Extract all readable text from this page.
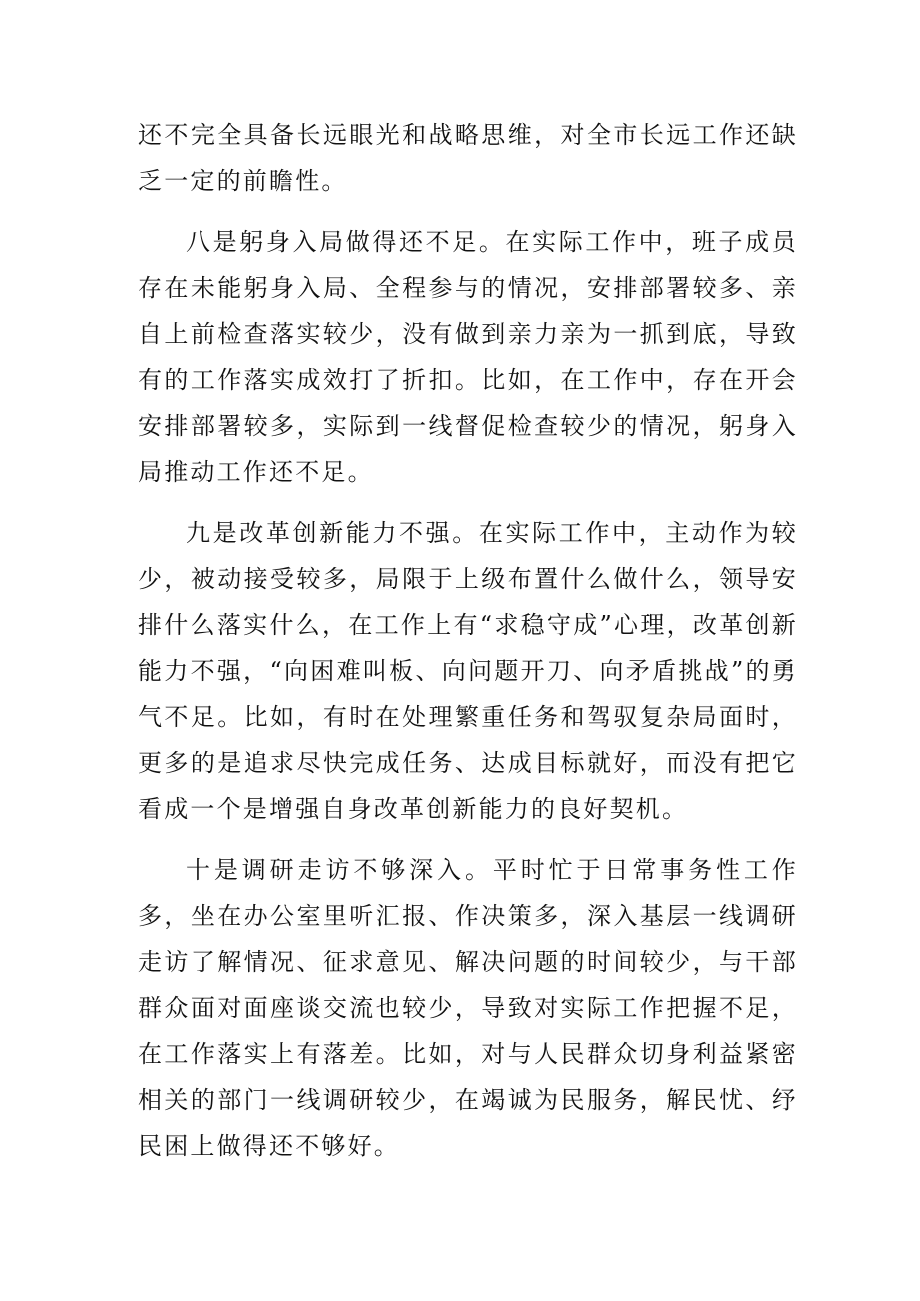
还不完全具备长远眼光和战略思维，对全市长远工作还缺乏一定的前瞻性。

八是躬身入局做得还不足。在实际工作中，班子成员存在未能躬身入局、全程参与的情况，安排部署较多、亲自上前检查落实较少，没有做到亲力亲为一抓到底，导致有的工作落实成效打了折扣。比如，在工作中，存在开会安排部署较多，实际到一线督促检查较少的情况，躬身入局推动工作还不足。

九是改革创新能力不强。在实际工作中，主动作为较少，被动接受较多，局限于上级布置什么做什么，领导安排什么落实什么，在工作上有“求稳守成”心理，改革创新能力不强，“向困难叫板、向问题开刀、向矛盾挑战”的勇气不足。比如，有时在处理繁重任务和驾驭复杂局面时，更多的是追求尽快完成任务、达成目标就好，而没有把它看成一个是增强自身改革创新能力的良好契机。

十是调研走访不够深入。平时忙于日常事务性工作多，坐在办公室里听汇报、作决策多，深入基层一线调研走访了解情况、征求意见、解决问题的时间较少，与干部群众面对面座谈交流也较少，导致对实际工作把握不足，在工作落实上有落差。比如，对与人民群众切身利益紧密相关的部门一线调研较少，在竭诚为民服务，解民忧、纾民困上做得还不够好。
